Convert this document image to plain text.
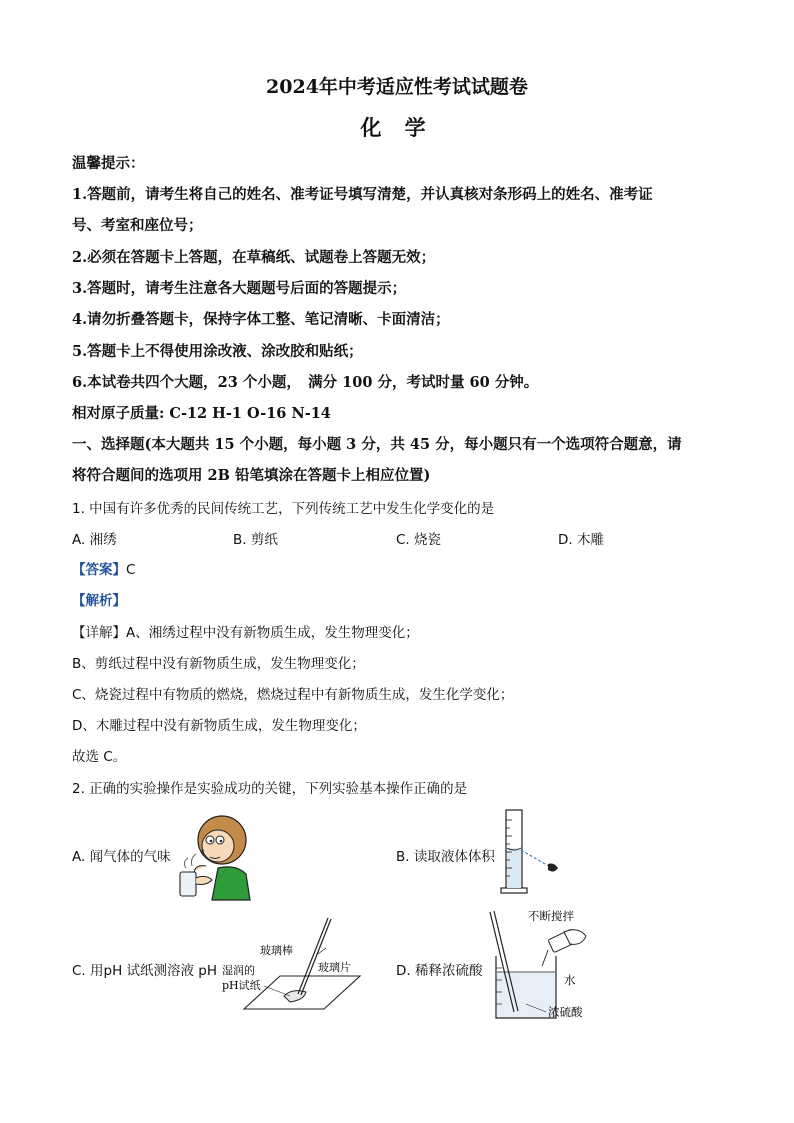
2024年中考适应性考试试题卷
化 学
温馨提示：
1.答题前，请考生将自己的姓名、准考证号填写清楚，并认真核对条形码上的姓名、准考证
号、考室和座位号；
2.必须在答题卡上答题，在草稿纸、试题卷上答题无效；
3.答题时，请考生注意各大题题号后面的答题提示；
4.请勿折叠答题卡，保持字体工整、笔记清晰、卡面清洁；
5.答题卡上不得使用涂改液、涂改胶和贴纸；
6.本试卷共四个大题，23 个小题，　满分 100 分，考试时量 60 分钟。
相对原子质量: C-12 H-1 O-16 N-14
一、选择题(本大题共 15 个小题，每小题 3 分，共 45 分，每小题只有一个选项符合题意，请
将符合题间的选项用 2B 铅笔填涂在答题卡上相应位置)
1. 中国有许多优秀的民间传统工艺，下列传统工艺中发生化学变化的是
A. 湘绣	B. 剪纸	C. 烧瓷	D. 木雕
【答案】C
【解析】
【详解】A、湘绣过程中没有新物质生成，发生物理变化；
B、剪纸过程中没有新物质生成，发生物理变化；
C、烧瓷过程中有物质的燃烧，燃烧过程中有新物质生成，发生化学变化；
D、木雕过程中没有新物质生成，发生物理变化；
故选 C。
2. 正确的实验操作是实验成功的关键，下列实验基本操作正确的是
A. 闻气体的气味	B. 读取液体体积
C. 用pH 试纸测溶液 pH	D. 稀释浓硫酸
玻璃棒
湿润的
pH试纸
玻璃片
不断搅拌
水
浓硫酸
